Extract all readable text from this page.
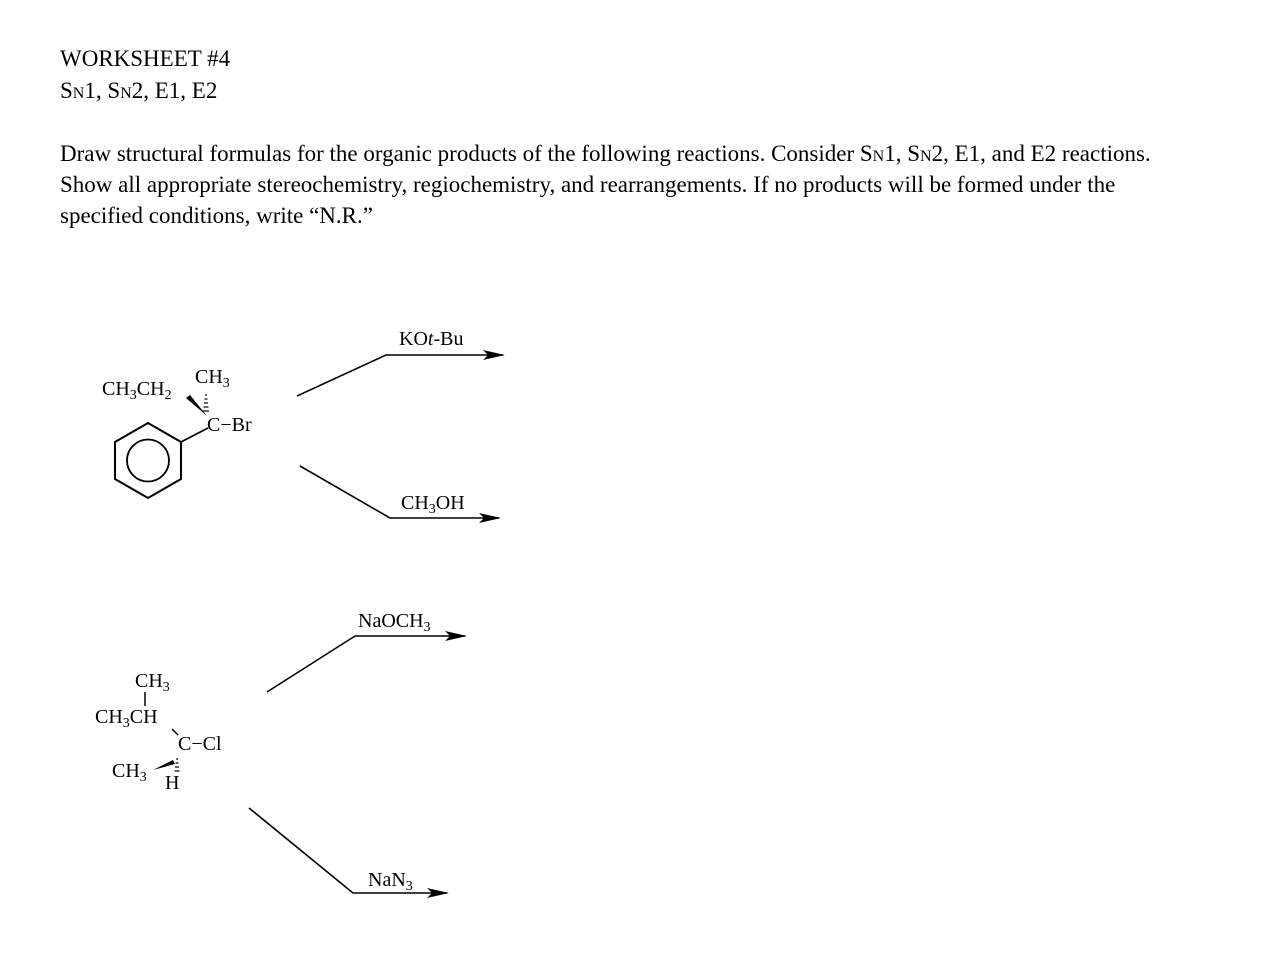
WORKSHEET #4
Sn1, Sn2, E1, E2
Draw structural formulas for the organic products of the following reactions. Consider Sn1, Sn2, E1, and E2 reactions. Show all appropriate stereochemistry, regiochemistry, and rearrangements. If no products will be formed under the specified conditions, write “N.R.”
$CH_3CH_2$
$CH_3$
C−Br
KOt-Bu
$CH_3OH$
$CH_3$
$CH_3CH$
C−Cl
$CH_3$ H
NaOCH$_3$
NaN$_3$
